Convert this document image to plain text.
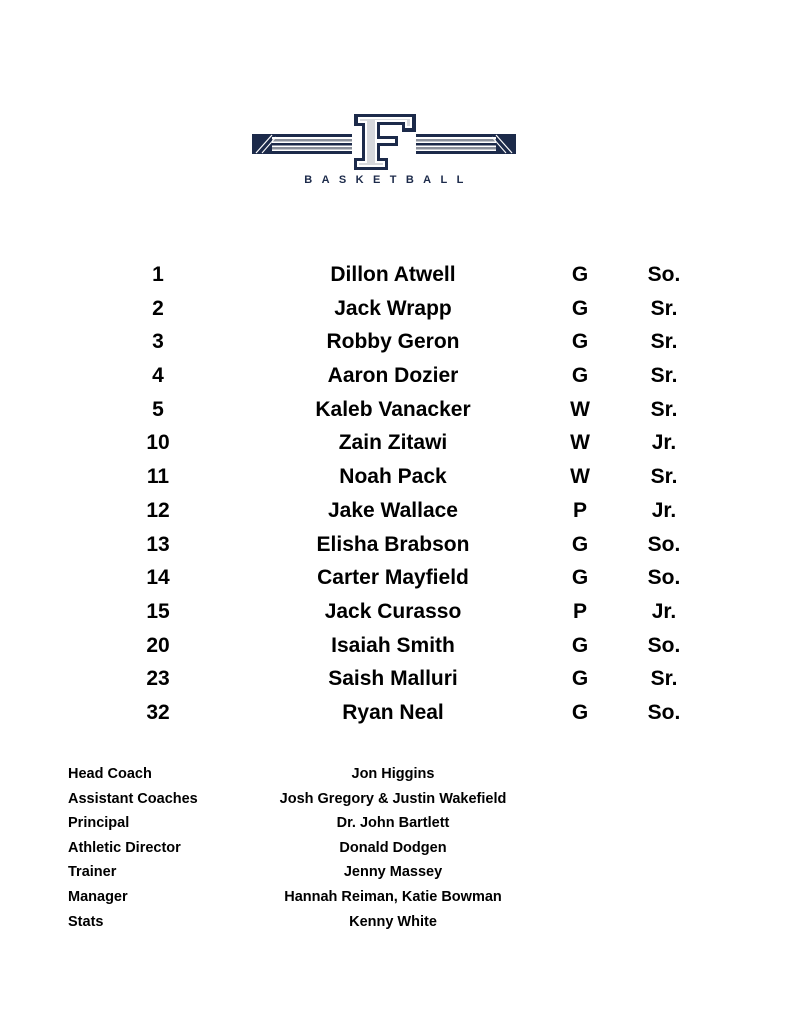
BASKETBALL
1	Dillon Atwell	G	So.
2	Jack Wrapp	G	Sr.
3	Robby Geron	G	Sr.
4	Aaron Dozier	G	Sr.
5	Kaleb Vanacker	W	Sr.
10	Zain Zitawi	W	Jr.
11	Noah Pack	W	Sr.
12	Jake Wallace	P	Jr.
13	Elisha Brabson	G	So.
14	Carter Mayfield	G	So.
15	Jack Curasso	P	Jr.
20	Isaiah Smith	G	So.
23	Saish Malluri	G	Sr.
32	Ryan Neal	G	So.
Head Coach	Jon Higgins
Assistant Coaches	Josh Gregory & Justin Wakefield
Principal	Dr. John Bartlett
Athletic Director	Donald Dodgen
Trainer	Jenny Massey
Manager	Hannah Reiman, Katie Bowman
Stats	Kenny White
